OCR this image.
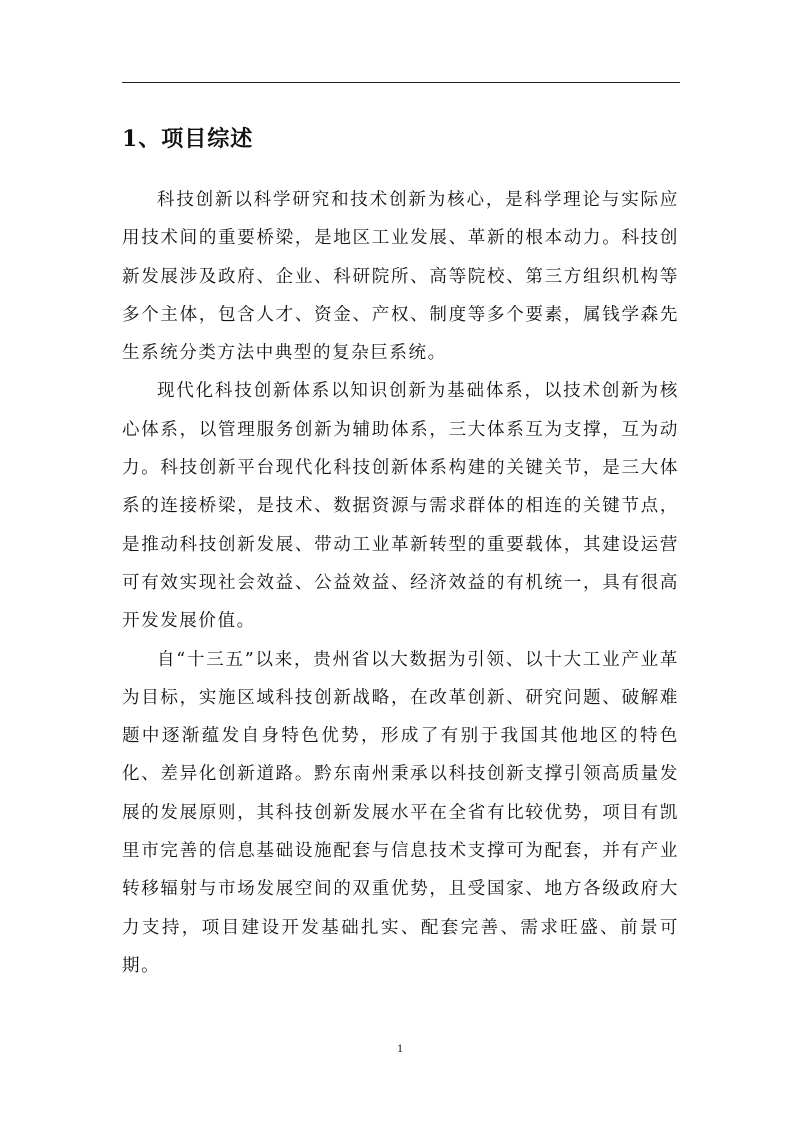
1、项目综述

科技创新以科学研究和技术创新为核心，是科学理论与实际应用技术间的重要桥梁，是地区工业发展、革新的根本动力。科技创新发展涉及政府、企业、科研院所、高等院校、第三方组织机构等多个主体，包含人才、资金、产权、制度等多个要素，属钱学森先生系统分类方法中典型的复杂巨系统。

现代化科技创新体系以知识创新为基础体系，以技术创新为核心体系，以管理服务创新为辅助体系，三大体系互为支撑，互为动力。科技创新平台现代化科技创新体系构建的关键关节，是三大体系的连接桥梁，是技术、数据资源与需求群体的相连的关键节点，是推动科技创新发展、带动工业革新转型的重要载体，其建设运营可有效实现社会效益、公益效益、经济效益的有机统一，具有很高开发发展价值。

自“十三五”以来，贵州省以大数据为引领、以十大工业产业革为目标，实施区域科技创新战略，在改革创新、研究问题、破解难题中逐渐蕴发自身特色优势，形成了有别于我国其他地区的特色化、差异化创新道路。黔东南州秉承以科技创新支撑引领高质量发展的发展原则，其科技创新发展水平在全省有比较优势，项目有凯里市完善的信息基础设施配套与信息技术支撑可为配套，并有产业转移辐射与市场发展空间的双重优势，且受国家、地方各级政府大力支持，项目建设开发基础扎实、配套完善、需求旺盛、前景可期。

1
